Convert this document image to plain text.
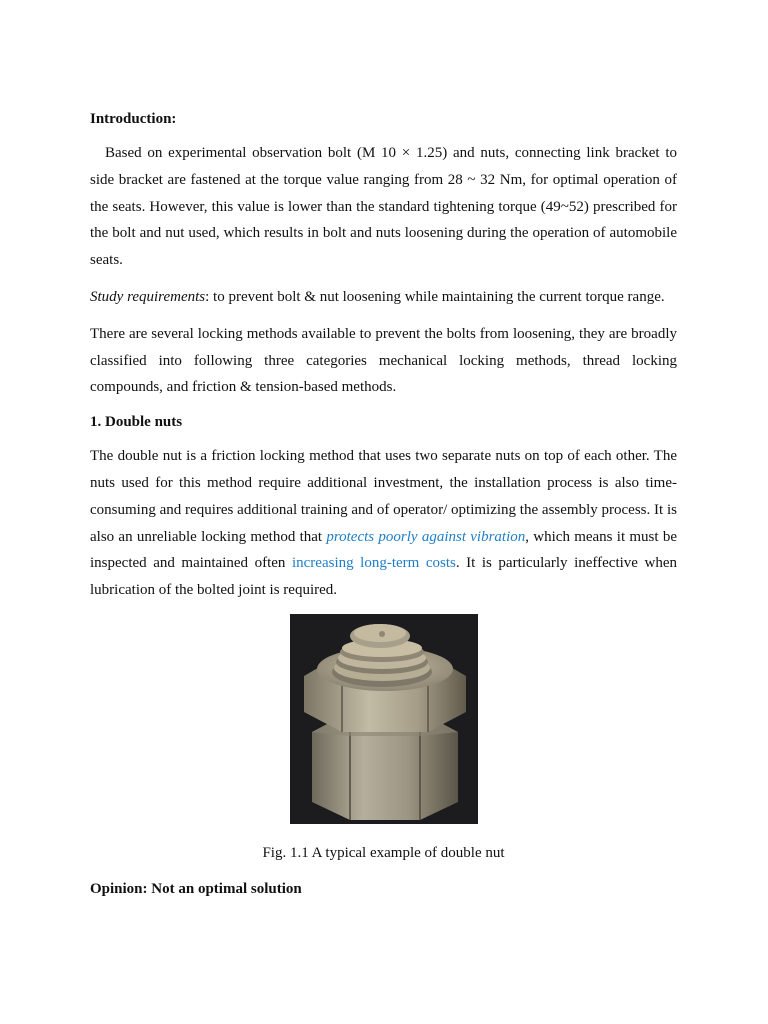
Introduction:

Based on experimental observation bolt (M 10 × 1.25) and nuts, connecting link bracket to side bracket are fastened at the torque value ranging from 28 ~ 32 Nm, for optimal operation of the seats. However, this value is lower than the standard tightening torque (49~52) prescribed for the bolt and nut used, which results in bolt and nuts loosening during the operation of automobile seats.

Study requirements: to prevent bolt & nut loosening while maintaining the current torque range.

There are several locking methods available to prevent the bolts from loosening, they are broadly classified into following three categories mechanical locking methods, thread locking compounds, and friction & tension-based methods.

1. Double nuts

The double nut is a friction locking method that uses two separate nuts on top of each other. The nuts used for this method require additional investment, the installation process is also time-consuming and requires additional training and of operator/ optimizing the assembly process. It is also an unreliable locking method that protects poorly against vibration, which means it must be inspected and maintained often increasing long-term costs. It is particularly ineffective when lubrication of the bolted joint is required.

Fig. 1.1 A typical example of double nut

Opinion: Not an optimal solution
